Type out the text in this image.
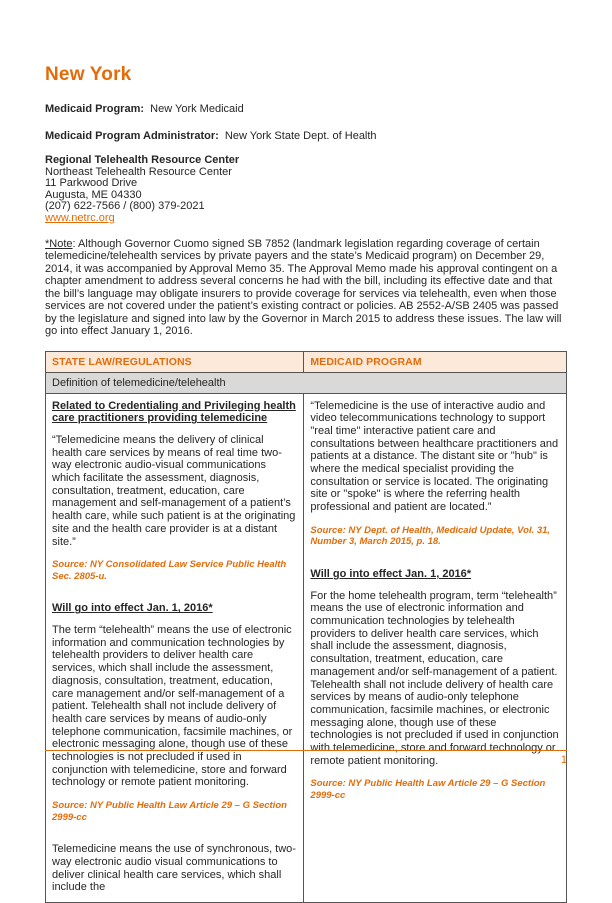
New York
Medicaid Program:  New York Medicaid
Medicaid Program Administrator:  New York State Dept. of Health
Regional Telehealth Resource Center
Northeast Telehealth Resource Center
11 Parkwood Drive
Augusta, ME 04330
(207) 622-7566 / (800) 379-2021
www.netrc.org
*Note: Although Governor Cuomo signed SB 7852 (landmark legislation regarding coverage of certain telemedicine/telehealth services by private payers and the state’s Medicaid program) on December 29, 2014, it was accompanied by Approval Memo 35. The Approval Memo made his approval contingent on a chapter amendment to address several concerns he had with the bill, including its effective date and that the bill’s language may obligate insurers to provide coverage for services via telehealth, even when those services are not covered under the patient’s existing contract or policies. AB 2552-A/SB 2405 was passed by the legislature and signed into law by the Governor in March 2015 to address these issues. The law will go into effect January 1, 2016.
STATE LAW/REGULATIONS	MEDICAID PROGRAM
Definition of telemedicine/telehealth	

Related to Credentialing and Privileging health care practitioners providing telemedicine
“Telemedicine means the delivery of clinical health care services by means of real time two-way electronic audio-visual communications which facilitate the assessment, diagnosis, consultation, treatment, education, care management and self-management of a patient’s health care, while such patient is at the originating site and the health care provider is at a distant site.”
Source: NY Consolidated Law Service Public Health Sec. 2805-u.
Will go into effect Jan. 1, 2016*
The term “telehealth” means the use of electronic information and communication technologies by telehealth providers to deliver health care services, which shall include the assessment, diagnosis, consultation, treatment, education, care management and/or self-management of a patient. Telehealth shall not include delivery of health care services by means of audio-only telephone communication, facsimile machines, or electronic messaging alone, though use of these technologies is not precluded if used in conjunction with telemedicine, store and forward technology or remote patient monitoring.
Source: NY Public Health Law Article 29 – G Section 2999-cc
Telemedicine means the use of synchronous, two-way electronic audio visual communications to deliver clinical health care services, which shall include the

“Telemedicine is the use of interactive audio and video telecommunications technology to support "real time" interactive patient care and consultations between healthcare practitioners and patients at a distance. The distant site or "hub" is where the medical specialist providing the consultation or service is located. The originating site or "spoke" is where the referring health professional and patient are located.”
Source: NY Dept. of Health, Medicaid Update, Vol. 31, Number 3, March 2015, p. 18.
Will go into effect Jan. 1, 2016*
For the home telehealth program, term “telehealth” means the use of electronic information and communication technologies by telehealth providers to deliver health care services, which shall include the assessment, diagnosis, consultation, treatment, education, care management and/or self-management of a patient. Telehealth shall not include delivery of health care services by means of audio-only telephone communication, facsimile machines, or electronic messaging alone, though use of these technologies is not precluded if used in conjunction with telemedicine, store and forward technology or remote patient monitoring.
Source: NY Public Health Law Article 29 – G Section 2999-cc
1
